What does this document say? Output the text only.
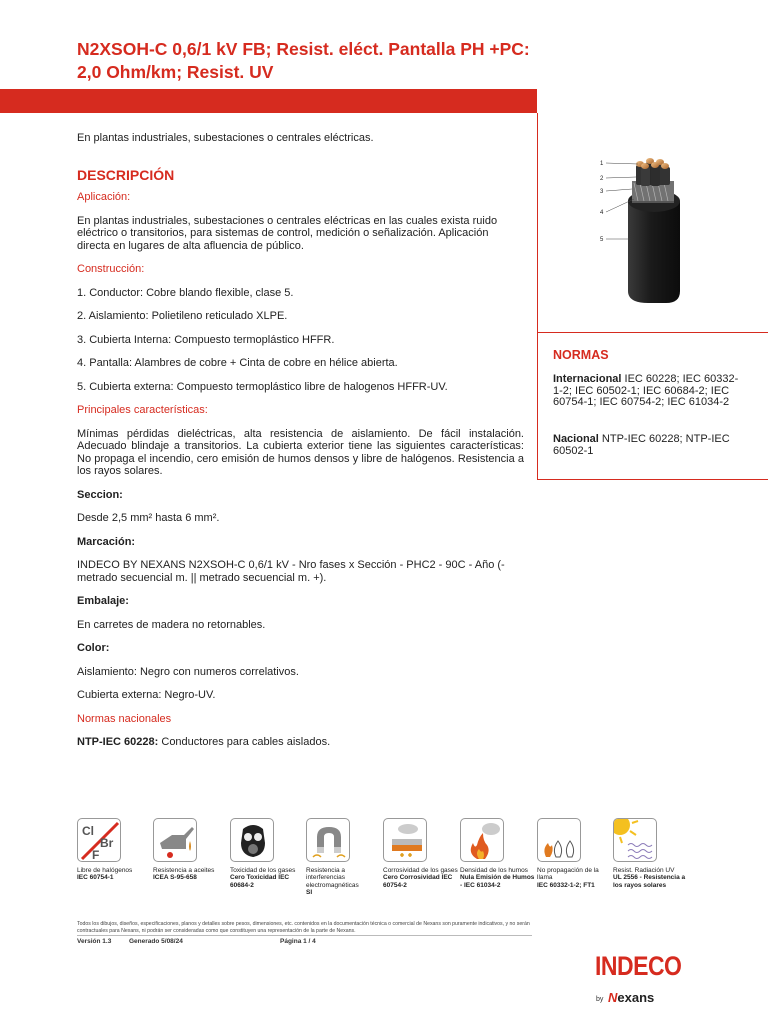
N2XSOH-C 0,6/1 kV FB; Resist. eléct. Pantalla PH +PC: 2,0 Ohm/km; Resist. UV

En plantas industriales, subestaciones o centrales eléctricas.

DESCRIPCIÓN

Aplicación:

En plantas industriales, subestaciones o centrales eléctricas en las cuales exista ruido eléctrico o transitorios, para sistemas de control, medición o señalización. Aplicación directa en lugares de alta afluencia de público.

Construcción:

1. Conductor: Cobre blando flexible, clase 5.

2. Aislamiento: Polietileno reticulado XLPE.

3. Cubierta Interna: Compuesto termoplástico HFFR.

4. Pantalla: Alambres de cobre + Cinta de cobre en hélice abierta.

5. Cubierta externa: Compuesto termoplástico libre de halogenos HFFR-UV.

Principales características:

Mínimas pérdidas dieléctricas, alta resistencia de aislamiento. De fácil instalación. Adecuado blindaje a transitorios. La cubierta exterior tiene las siguientes características: No propaga el incendio, cero emisión de humos densos y libre de halógenos. Resistencia a los rayos solares.

Seccion:

Desde 2,5 mm² hasta 6 mm².

Marcación:

INDECO BY NEXANS N2XSOH-C 0,6/1 kV - Nro fases x Sección - PHC2 - 90C - Año (- metrado secuencial m. || metrado secuencial m. +).

Embalaje:

En carretes de madera no retornables.

Color:

Aislamiento: Negro con numeros correlativos.

Cubierta externa: Negro-UV.

Normas nacionales

NTP-IEC 60228: Conductores para cables aislados.

1
2
3
4
5
NORMAS
Internacional IEC 60228; IEC 60332-1-2; IEC 60502-1; IEC 60684-2; IEC 60754-1; IEC 60754-2; IEC 61034-2
Nacional NTP-IEC 60228; NTP-IEC 60502-1
Cl
Br
F
Libre de halógenos
IEC 60754-1
Resistencia a aceites
ICEA S-95-658
Toxicidad de los gases
Cero Toxicidad IEC 60684-2
Resistencia a interferencias electromagnéticas
SI
Corrosividad de los gases
Cero Corrosividad IEC 60754-2
Densidad de los humos
Nula Emisión de Humos - IEC 61034-2
No propagación de la llama
IEC 60332-1-2; FT1
Resist. Radiación UV
UL 2556 - Resistencia a los rayos solares
Todos los dibujos, diseños, especificaciones, planos y detalles sobre pesos, dimensiones, etc. contenidos en la documentación técnica o comercial de Nexans son puramente indicativos, y no serán contractuales para Nexans, ni podrán ser consideradas como que constituyen una representación de la parte de Nexans.
Versión 1.3	Generado 5/08/24	Página 1 / 4
INDECO
by Nexans
